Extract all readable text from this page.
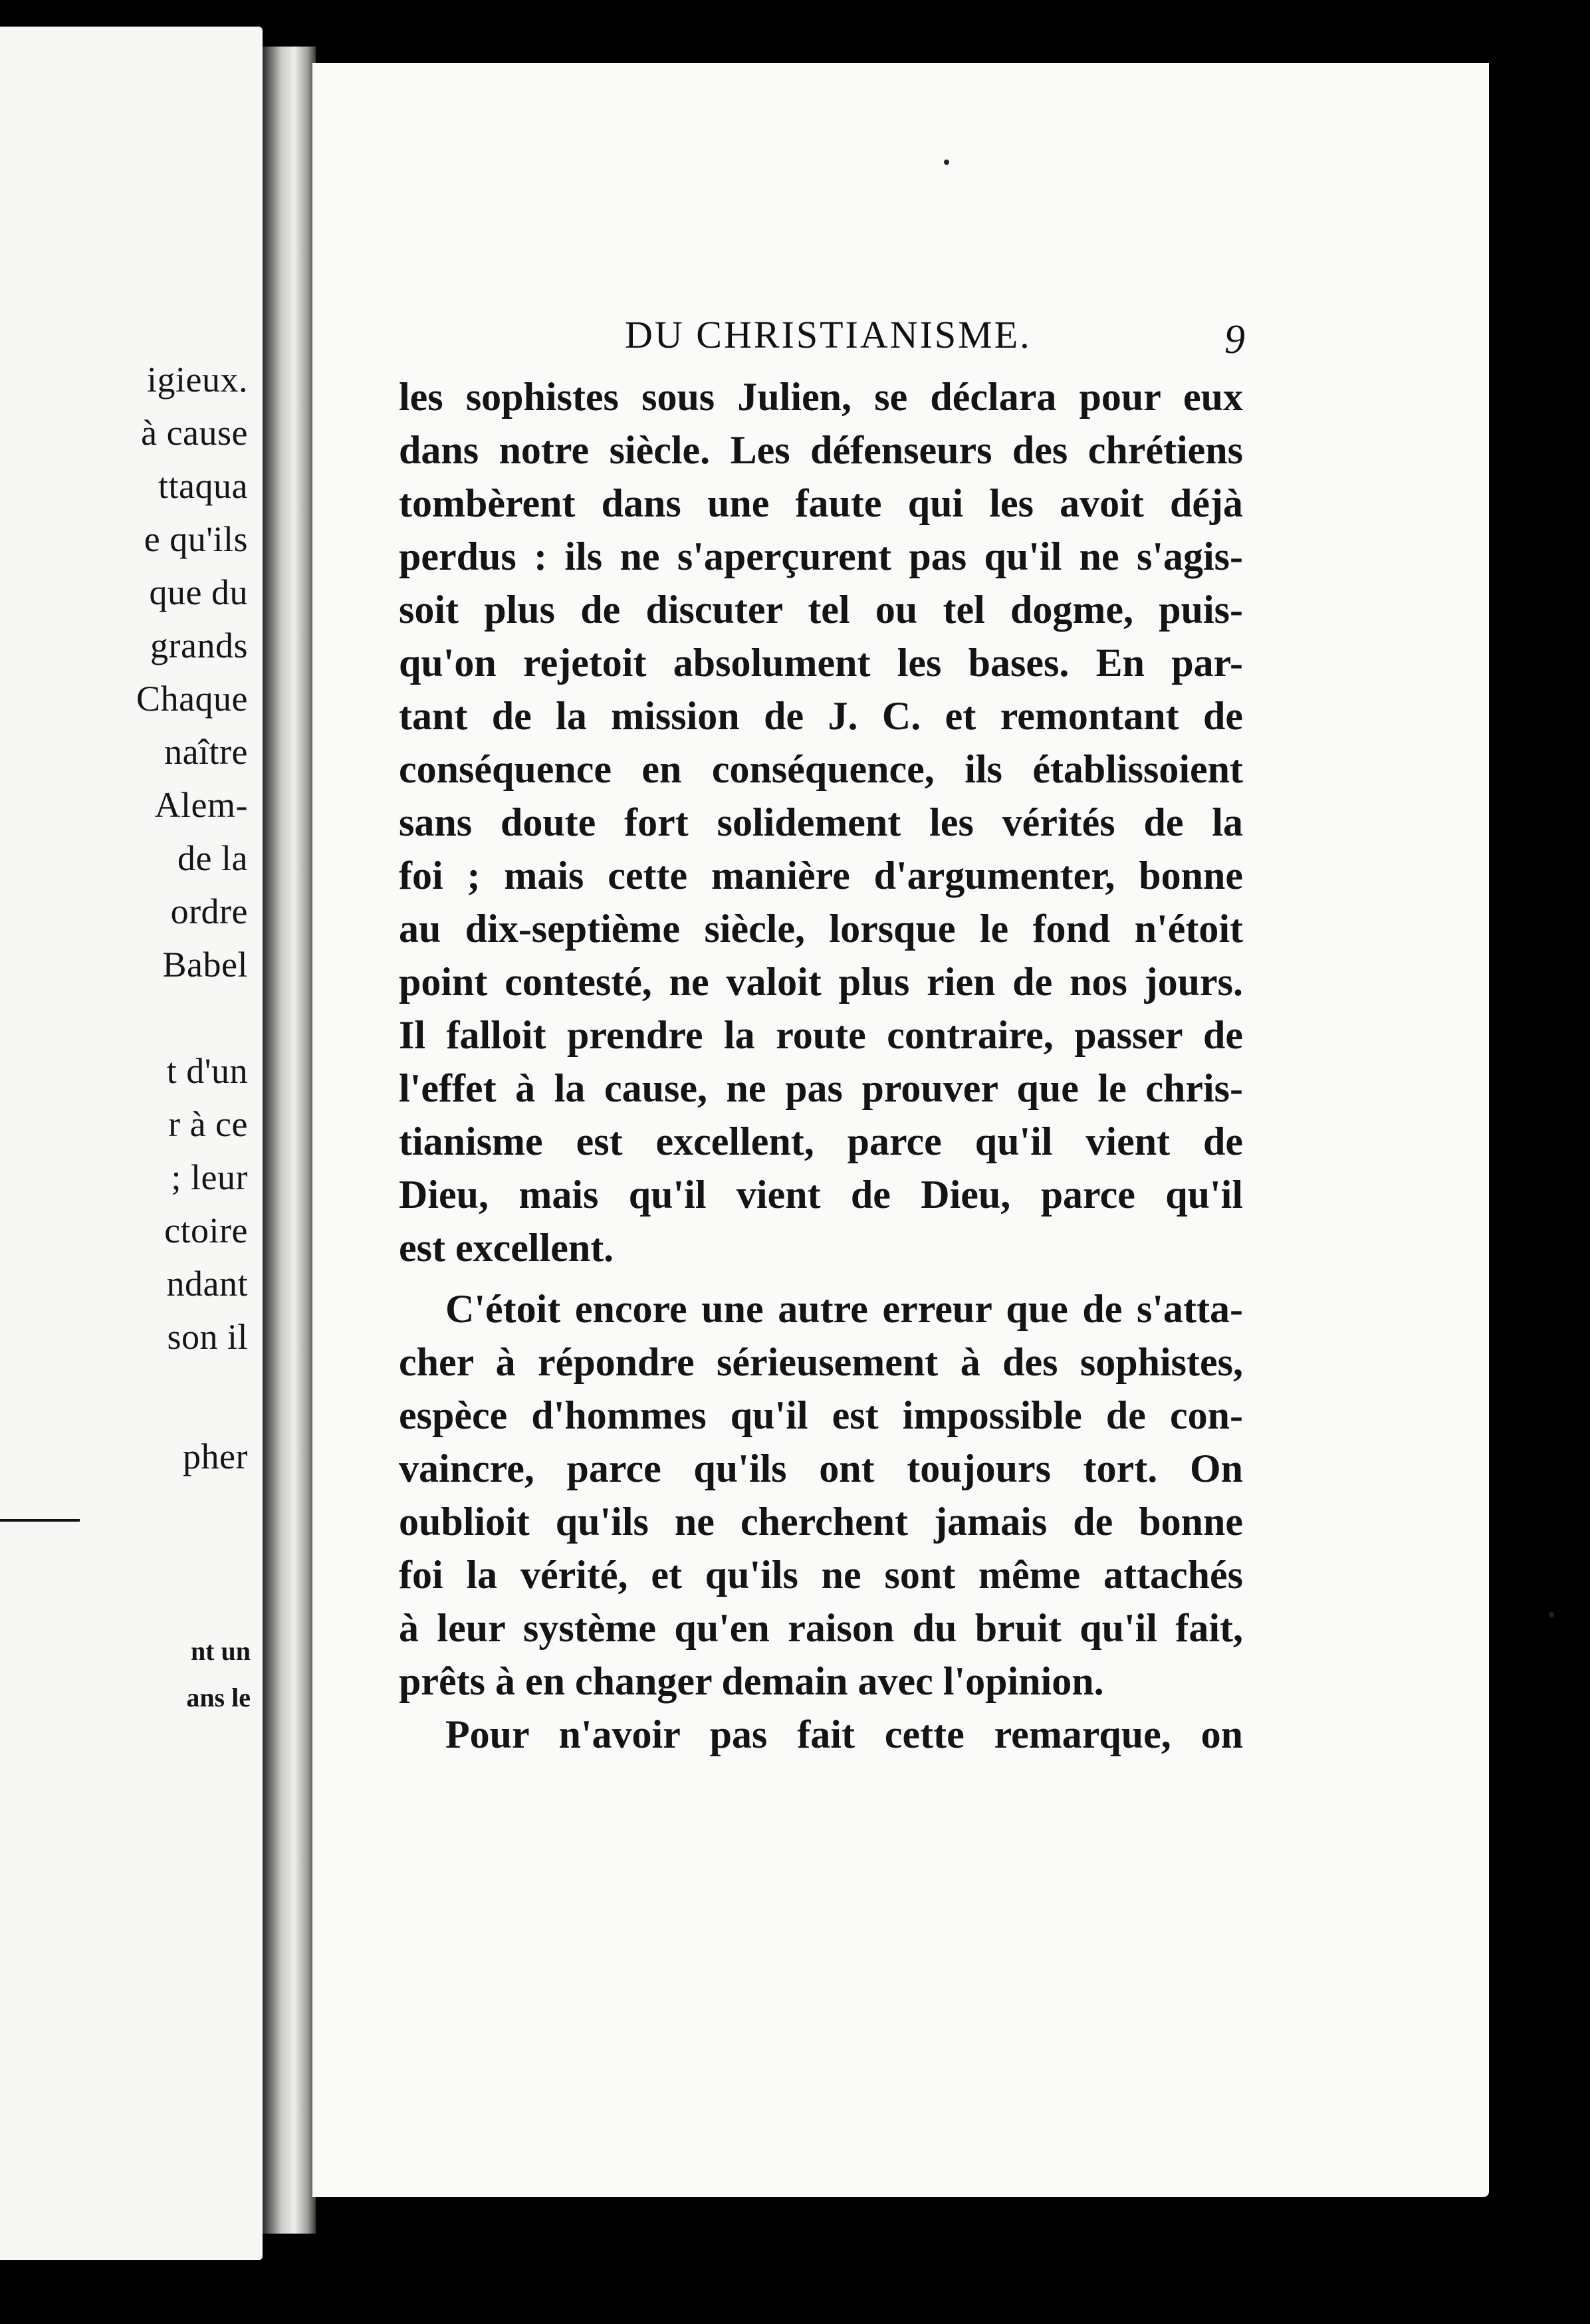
igieux.
à cause
ttaqua
e qu'ils
que du
grands
Chaque
naître
Alem-
de la
ordre
Babel
t d'un
r à ce
; leur
ctoire
ndant
son il
pher
nt un
ans le
DU CHRISTIANISME.	9
les sophistes sous Julien, se déclara pour eux
dans notre siècle. Les défenseurs des chrétiens
tombèrent dans une faute qui les avoit déjà
perdus : ils ne s'aperçurent pas qu'il ne s'agis-
soit plus de discuter tel ou tel dogme, puis-
qu'on rejetoit absolument les bases. En par-
tant de la mission de J. C. et remontant de
conséquence en conséquence, ils établissoient
sans doute fort solidement les vérités de la
foi ; mais cette manière d'argumenter, bonne
au dix-septième siècle, lorsque le fond n'étoit
point contesté, ne valoit plus rien de nos jours.
Il falloit prendre la route contraire, passer de
l'effet à la cause, ne pas prouver que le chris-
tianisme est excellent, parce qu'il vient de
Dieu, mais qu'il vient de Dieu, parce qu'il
est excellent.
C'étoit encore une autre erreur que de s'atta-
cher à répondre sérieusement à des sophistes,
espèce d'hommes qu'il est impossible de con-
vaincre, parce qu'ils ont toujours tort. On
oublioit qu'ils ne cherchent jamais de bonne
foi la vérité, et qu'ils ne sont même attachés
à leur système qu'en raison du bruit qu'il fait,
prêts à en changer demain avec l'opinion.
Pour n'avoir pas fait cette remarque, on
